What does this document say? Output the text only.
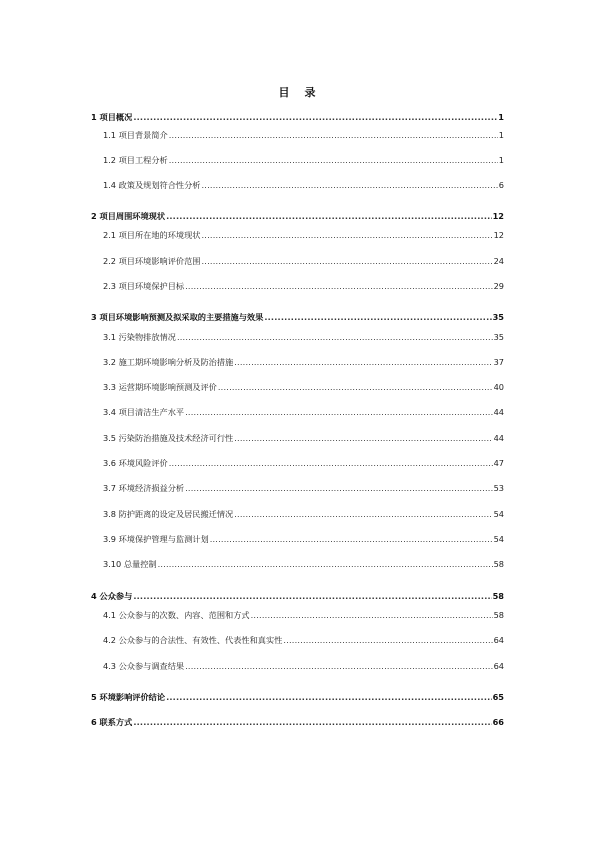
目 录
1 项目概况 .....	1
1.1 项目背景简介 .....	1
1.2 项目工程分析 .....	1
1.4 政策及规划符合性分析 .....	6
2 项目周围环境现状 .....	12
2.1 项目所在地的环境现状 .....	12
2.2 项目环境影响评价范围 .....	24
2.3 项目环境保护目标 .....	29
3 项目环境影响预测及拟采取的主要措施与效果 .....	35
3.1 污染物排放情况 .....	35
3.2 施工期环境影响分析及防治措施 .....	37
3.3 运营期环境影响预测及评价 .....	40
3.4 项目清洁生产水平 .....	44
3.5 污染防治措施及技术经济可行性 .....	44
3.6 环境风险评价 .....	47
3.7 环境经济损益分析 .....	53
3.8 防护距离的设定及居民搬迁情况 .....	54
3.9 环境保护管理与监测计划 .....	54
3.10 总量控制 .....	58
4 公众参与 .....	58
4.1 公众参与的次数、内容、范围和方式 .....	58
4.2 公众参与的合法性、有效性、代表性和真实性 .....	64
4.3 公众参与调查结果 .....	64
5 环境影响评价结论 .....	65
6 联系方式 .....	66
